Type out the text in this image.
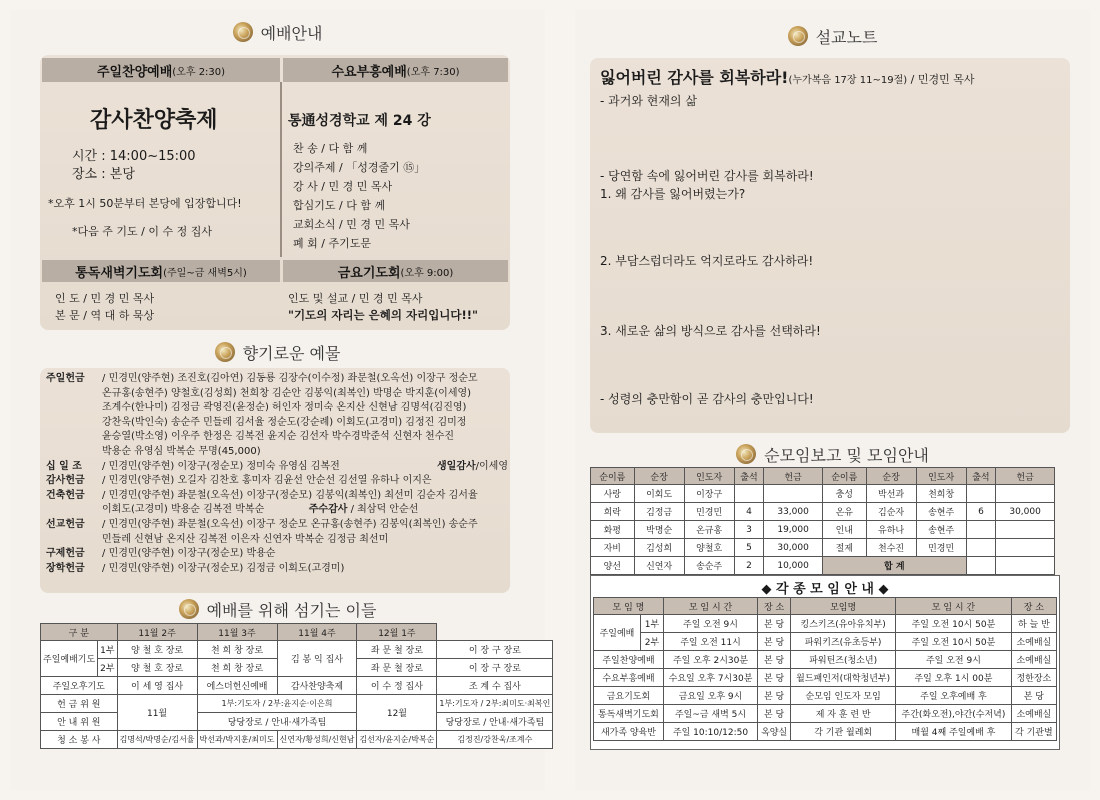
예배안내
주일찬양예배 (오후 2:30)	수요부흥예배 (오후 7:30)
감사찬양축제
시간 : 14:00~15:00
장소 : 본당
*오후 1시 50분부터 본당에 입장합니다!
*다음 주 기도 / 이 수 정 집사
통通성경학교 제 24 강
찬 송 / 다 함 께
강의주제 / 「성경줄기 ⑮」
강 사 / 민 경 민 목사
합심기도 / 다 함 께
교회소식 / 민 경 민 목사
폐 회 / 주기도문
통독새벽기도회 (주일~금 새벽5시)	금요기도회 (오후 9:00)
인 도 / 민 경 민 목사
본 문 / 역 대 하 묵상
인도 및 설교 / 민 경 민 목사
"기도의 자리는 은혜의 자리입니다!!"
향기로운 예물
주일헌금	/ 민경민(양주현) 조진호(김아연) 김동룡 김장수(이수정) 좌문철(오옥선) 이장구 정순모
온규홍(송현주) 양철호(김성희) 천희창 김순안 김봉익(최복인) 박명순 박지훈(이세영)
조계수(한나미) 김정금 곽영진(윤정순) 허인자 정미숙 온지산 신현남 김명석(김진영)
강찬욱(박인숙) 송순주 민들레 김서율 정순도(강순례) 이회도(고경미) 김정진 김미정
윤승열(박소영) 이우주 한정은 김복전 윤지순 김선자 박수경박준석 신현자 천수진
박용순 유영심 박복순 무명(45,000)
십 일 조	/ 민경민(양주현) 이장구(정순모) 정미숙 유영심 김복전	생일감사/이세영
감사헌금	/ 민경민(양주현) 오길자 김찬호 홍미자 김윤선 안순선 김선열 유하나 이지은
건축헌금	/ 민경민(양주현) 좌문철(오옥선) 이장구(정순모) 김봉익(최복인) 최선미 김순자 김서율
이회도(고경미) 박용순 김복전 박복순	주수감사 / 최삼덕 안순선
선교헌금	/ 민경민(양주현) 좌문철(오옥선) 이장구 정순모 온규홍(송현주) 김봉익(최복인) 송순주
민들레 신현남 온지산 김복전 이은자 신연자 박복순 김정금 최선미
구제헌금	/ 민경민(양주현) 이장구(정순모) 박용순
장학헌금	/ 민경민(양주현) 이장구(정순모) 김정금 이회도(고경미)
예배를 위해 섬기는 이들
구 분		11월 2주	11월 3주	11월 4주	12월 1주	
주일예배기도	1부	양 철 호 장로	천 희 창 장로	김 봉 익 집사	좌 문 철 장로	이 장 구 장로
	2부	양 철 호 장로	천 희 창 장로		좌 문 철 장로	이 장 구 장로
주일오후기도		이 세 영 집사	에스더헌신예배	감사찬양축제	이 수 정 집사	조 계 수 집사
헌 금 위 원		11월	1부:기도자 / 2부:윤지순·이은희		12월	1부:기도자 / 2부:최미도·최복인
안 내 위 원			당당장로 / 안내·새가족팀			당당장로 / 안내·새가족팀
청 소 봉 사		김명석/박명순/김서율	박선과/박지훈/최미도	신연자/황성희/신현남	김선자/윤지순/박복순	김정진/강찬욱/조계수
설교노트
잃어버린 감사를 회복하라!(누가복음 17장 11~19절) / 민경민 목사
- 과거와 현재의 삶
- 당연함 속에 잃어버린 감사를 회복하라!
1. 왜 감사를 잃어버렸는가?
2. 부담스럽더라도 억지로라도 감사하라!
3. 새로운 삶의 방식으로 감사를 선택하라!
- 성령의 충만함이 곧 감사의 충만입니다!
순모임보고 및 모임안내
순이름	순장	인도자	출석	헌금	순이름	순장	인도자	출석	헌금
사랑	이회도	이장구			충성	박선과	천희창		
희락	김정금	민경민	4	33,000	온유	김순자	송현주	6	30,000
화평	박명순	온규홍	3	19,000	인내	유하나	송현주		
자비	김성희	양철호	5	30,000	절제	천수진	민경민		
양선	신연자	송순주	2	10,000	합 계				
◆ 각 종 모 임 안 내 ◆
모 임 명		모 임 시 간	장 소	모임명	모 임 시 간	장 소
주일예배	1부	주일 오전 9시	본 당	킹스키즈(유아유치부)	주일 오전 10시 50분	하 늘 반
	2부	주일 오전 11시	본 당	파워키즈(유초등부)	주일 오전 10시 50분	소예배실
주일찬양예배		주일 오후 2시30분	본 당	파워틴즈(청소년)	주일 오전 9시	소예배실
수요부흥예배		수요일 오후 7시30분	본 당	월드패인저(대학청년부)	주일 오후 1시 00분	정한장소
금요기도회		금요일 오후 9시	본 당	순모임 인도자 모임	주일 오후예배 후	본 당
통독새벽기도회		주일~금 새벽 5시	본 당	제 자 훈 련 반	주간(화오전),야간(수저녁)	소예배실
새가족 양육반		주일 10:10/12:50	옥양실	각 기관 월례회	매월 4째 주일예배 후	각 기관별
